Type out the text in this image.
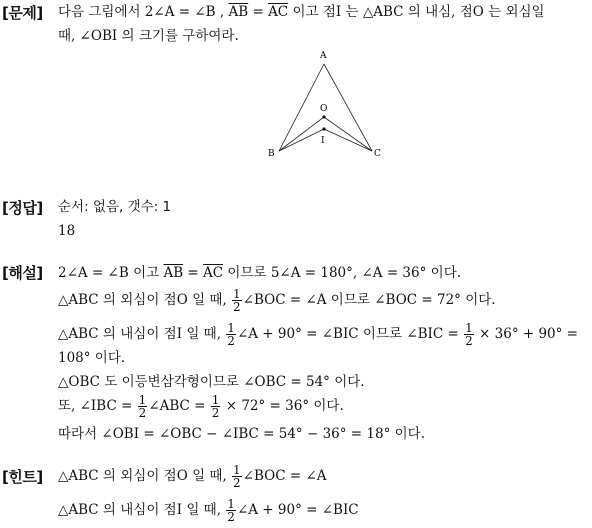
[문제] 다음 그림에서 2∠A = ∠B , $\overline{AB} = \overline{AC}$ 이고 점I 는 △ABC 의 내심, 점O 는 외심일
때, ∠OBI 의 크기를 구하여라.
A
B	C
O
I
[정답] 순서: 없음, 갯수: 1
18
[해설] 2∠A = ∠B 이고 $\overline{AB} = \overline{AC}$ 이므로 5∠A = 180°, ∠A = 36° 이다.
△ABC 의 외심이 점O 일 때, $\frac{1}{2}$ ∠BOC = ∠A 이므로 ∠BOC = 72° 이다.
△ABC 의 내심이 점I 일 때, $\frac{1}{2}$ ∠A + 90° = ∠BIC 이므로 ∠BIC = $\frac{1}{2} \times 36^\circ + 90^\circ$ =
108° 이다.
△OBC 도 이등변삼각형이므로 ∠OBC = 54° 이다.
또, ∠IBC = $\frac{1}{2}$ ∠ABC = $\frac{1}{2} \times 72^\circ = 36^\circ$ 이다.
따라서 ∠OBI = ∠OBC − ∠IBC = 54° − 36° = 18° 이다.
[힌트] △ABC 의 외심이 점O 일 때, $\frac{1}{2}$ ∠BOC = ∠A
△ABC 의 내심이 점I 일 때, $\frac{1}{2}$ ∠A + 90° = ∠BIC
